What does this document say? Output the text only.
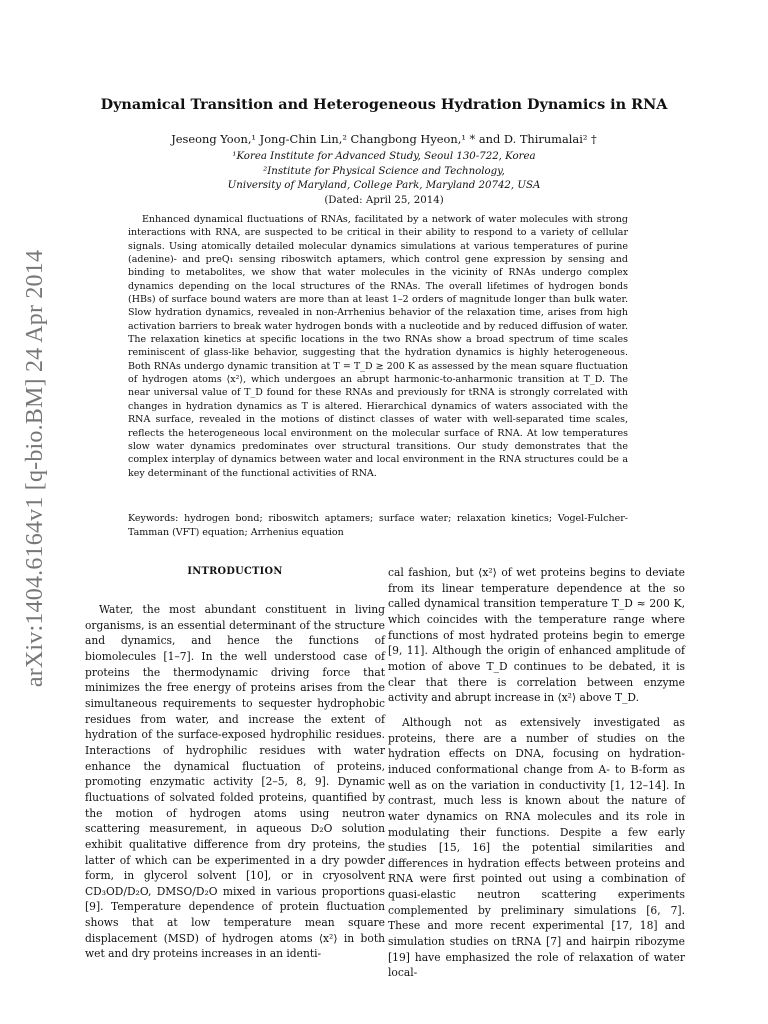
arXiv:1404.6164v1 [q-bio.BM] 24 Apr 2014
Dynamical Transition and Heterogeneous Hydration Dynamics in RNA
Jeseong Yoon,¹ Jong-Chin Lin,² Changbong Hyeon,¹ * and D. Thirumalai² †
¹Korea Institute for Advanced Study, Seoul 130-722, Korea
²Institute for Physical Science and Technology,
University of Maryland, College Park, Maryland 20742, USA
(Dated: April 25, 2014)

Enhanced dynamical fluctuations of RNAs, facilitated by a network of water molecules with strong interactions with RNA, are suspected to be critical in their ability to respond to a variety of cellular signals. Using atomically detailed molecular dynamics simulations at various temperatures of purine (adenine)- and preQ₁ sensing riboswitch aptamers, which control gene expression by sensing and binding to metabolites, we show that water molecules in the vicinity of RNAs undergo complex dynamics depending on the local structures of the RNAs. The overall lifetimes of hydrogen bonds (HBs) of surface bound waters are more than at least 1–2 orders of magnitude longer than bulk water. Slow hydration dynamics, revealed in non-Arrhenius behavior of the relaxation time, arises from high activation barriers to break water hydrogen bonds with a nucleotide and by reduced diffusion of water. The relaxation kinetics at specific locations in the two RNAs show a broad spectrum of time scales reminiscent of glass-like behavior, suggesting that the hydration dynamics is highly heterogeneous. Both RNAs undergo dynamic transition at T = T_D ≳ 200 K as assessed by the mean square fluctuation of hydrogen atoms ⟨x²⟩, which undergoes an abrupt harmonic-to-anharmonic transition at T_D. The near universal value of T_D found for these RNAs and previously for tRNA is strongly correlated with changes in hydration dynamics as T is altered. Hierarchical dynamics of waters associated with the RNA surface, revealed in the motions of distinct classes of water with well-separated time scales, reflects the heterogeneous local environment on the molecular surface of RNA. At low temperatures slow water dynamics predominates over structural transitions. Our study demonstrates that the complex interplay of dynamics between water and local environment in the RNA structures could be a key determinant of the functional activities of RNA.

Keywords: hydrogen bond; riboswitch aptamers; surface water; relaxation kinetics; Vogel-Fulcher-Tamman (VFT) equation; Arrhenius equation

INTRODUCTION

Water, the most abundant constituent in living organisms, is an essential determinant of the structure and dynamics, and hence the functions of biomolecules [1–7]. In the well understood case of proteins the thermodynamic driving force that minimizes the free energy of proteins arises from the simultaneous requirements to sequester hydrophobic residues from water, and increase the extent of hydration of the surface-exposed hydrophilic residues. Interactions of hydrophilic residues with water enhance the dynamical fluctuation of proteins, promoting enzymatic activity [2–5, 8, 9]. Dynamic fluctuations of solvated folded proteins, quantified by the motion of hydrogen atoms using neutron scattering measurement, in aqueous D₂O solution exhibit qualitative difference from dry proteins, the latter of which can be experimented in a dry powder form, in glycerol solvent [10], or in cryosolvent CD₃OD/D₂O, DMSO/D₂O mixed in various proportions [9]. Temperature dependence of protein fluctuation shows that at low temperature mean square displacement (MSD) of hydrogen atoms ⟨x²⟩ in both wet and dry proteins increases in an identi-

cal fashion, but ⟨x²⟩ of wet proteins begins to deviate from its linear temperature dependence at the so called dynamical transition temperature T_D ≈ 200 K, which coincides with the temperature range where functions of most hydrated proteins begin to emerge [9, 11]. Although the origin of enhanced amplitude of motion of above T_D continues to be debated, it is clear that there is correlation between enzyme activity and abrupt increase in ⟨x²⟩ above T_D.

Although not as extensively investigated as proteins, there are a number of studies on the hydration effects on DNA, focusing on hydration-induced conformational change from A- to B-form as well as on the variation in conductivity [1, 12–14]. In contrast, much less is known about the nature of water dynamics on RNA molecules and its role in modulating their functions. Despite a few early studies [15, 16] the potential similarities and differences in hydration effects between proteins and RNA were first pointed out using a combination of quasi-elastic neutron scattering experiments complemented by preliminary simulations [6, 7]. These and more recent experimental [17, 18] and simulation studies on tRNA [7] and hairpin ribozyme [19] have emphasized the role of relaxation of water local-
